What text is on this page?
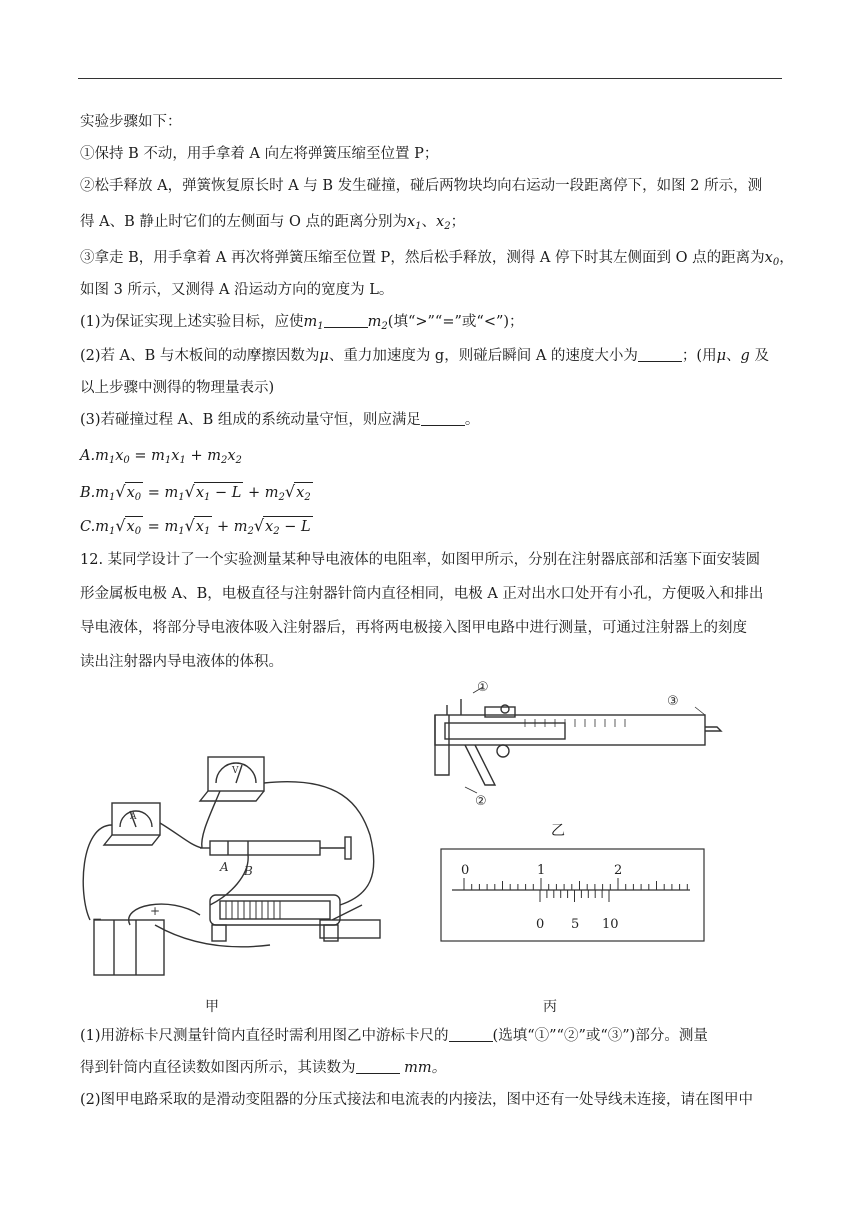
实验步骤如下：
①保持 B 不动，用手拿着 A 向左将弹簧压缩至位置 P；
②松手释放 A，弹簧恢复原长时 A 与 B 发生碰撞，碰后两物块均向右运动一段距离停下，如图 2 所示，测
得 A、B 静止时它们的左侧面与 O 点的距离分别为$x_1$、$x_2$；
③拿走 B，用手拿着 A 再次将弹簧压缩至位置 P，然后松手释放，测得 A 停下时其左侧面到 O 点的距离为$x_0$，
如图 3 所示，又测得 A 沿运动方向的宽度为 L。
(1)为保证实现上述实验目标，应使$m_1$	$m_2$(填“>”“=”或“<”)；
(2)若 A、B 与木板间的动摩擦因数为μ、重力加速度为 g，则碰后瞬间 A 的速度大小为	；(用μ、g 及
以上步骤中测得的物理量表示)
(3)若碰撞过程 A、B 组成的系统动量守恒，则应满足	。
$A.m_1x_0 = m_1x_1 + m_2x_2$
$B.m_1√x_0 = m_1√x_1 - L + m_2√x_2$
$C.m_1√x_0 = m_1√x_1 + m_2√x_2 - L$
12. 某同学设计了一个实验测量某种导电液体的电阻率，如图甲所示，分别在注射器底部和活塞下面安装圆
形金属板电极 A、B，电极直径与注射器针筒内直径相同，电极 A 正对出水口处开有小孔，方便吸入和排出
导电液体，将部分导电液体吸入注射器后，再将两电极接入图甲电路中进行测量，可通过注射器上的刻度
读出注射器内导电液体的体积。
A
V
A B
−
+
甲
①
②
③
乙
0	1	2
0 5 10
丙
(1)用游标卡尺测量针筒内直径时需利用图乙中游标卡尺的	(选填“①”“②”或“③”)部分。测量
得到针筒内直径读数如图丙所示，其读数为	mm。
(2)图甲电路采取的是滑动变阻器的分压式接法和电流表的内接法，图中还有一处导线未连接，请在图甲中
